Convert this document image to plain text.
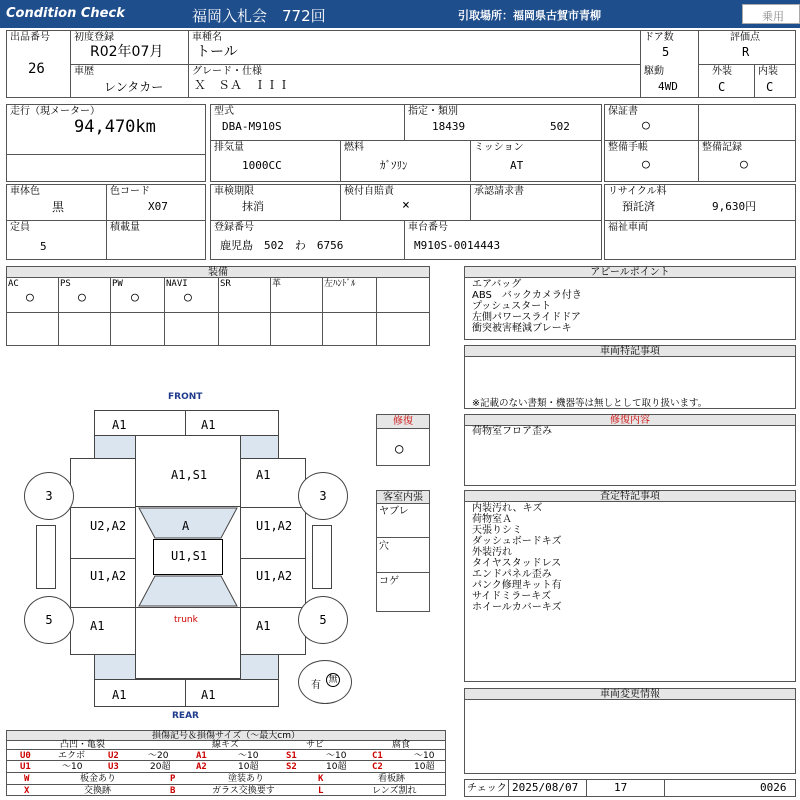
Condition Check	福岡入札会　772回	引取場所：福岡県古賀市青柳	乗用
出品番号
26
初度登録
R02年07月
車種名
トール
ドア数
5
評価点
R
車歴
レンタカー
グレード・仕様
Ｘ　ＳＡ　ＩＩＩ
駆動
4WD
外装
C
内装
C
走行（現メーター）
94,470km
型式
DBA-M910S
指定・類別
18439	502
排気量
1000CC
燃料
ｶﾞｿﾘﾝ
ミッション
AT
保証書
○
整備手帳
○
整備記録
○
車体色
黒
色コード
X07
定員
5
積載量
車検期限
抹消
検付自賠責
×
承認請求書
登録番号
鹿児島　502　わ　6756
車台番号
M910S-0014443
リサイクル料
預託済	9,630円
福祉車両
装備
AC
○
PS
○
PW
○
NAVI
○
SR	革	左ﾊﾝﾄﾞﾙ
アピールポイント
エアバッグ
ABS　バックカメラ付き
プッシュスタート
左側パワースライドドア
衝突被害軽減ブレーキ
車両特記事項
※記載のない書類・機器等は無しとして取り扱います。
修復内容
荷物室フロア歪み
査定特記事項
内装汚れ、キズ
荷物室Ａ
天張りシミ
ダッシュボードキズ
外装汚れ
タイヤスタッドレス
エンドパネル歪み
パンク修理キット有
サイドミラーキズ
ホイールカバーキズ
車両変更情報
チェック 2025/08/07	17	0026
FRONT
REAR
A1	A1
A1,S1	A1
U2,A2	U1,A2
U1,A2	U1,A2
A
U1,S1
A1	A1
trunk
A1	A1
3	3
5	5
有 無
修復
○
客室内張
ヤブレ
穴
コゲ
損傷記号＆損傷サイズ（〜最大cm）
凸凹・亀裂	線キズ	サビ	腐食
U0	エクボ	U2	〜20	A1	〜10	S1	〜10	C1	〜10
U1	〜10	U3	20超	A2	10超	S2	10超	C2	10超
W	板金あり	P	塗装あり	K	看板跡
X	交換跡	B	ガラス交換要す	L	レンズ割れ
